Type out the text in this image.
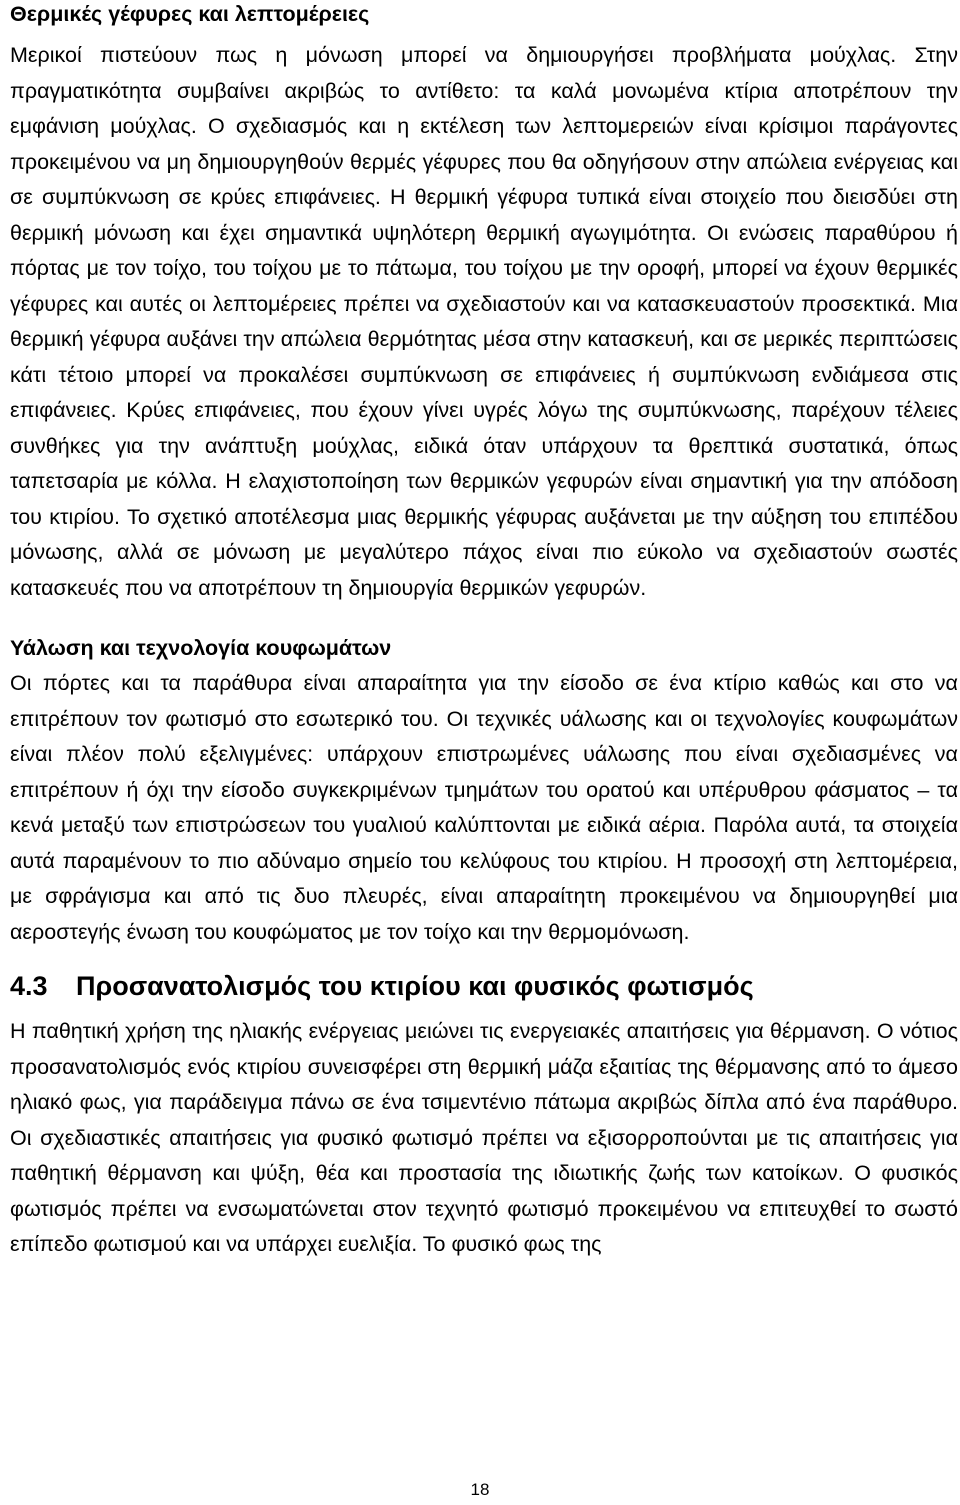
Θερμικές γέφυρες και λεπτομέρειες

Μερικοί πιστεύουν πως η μόνωση μπορεί να δημιουργήσει προβλήματα μούχλας. Στην πραγματικότητα συμβαίνει ακριβώς το αντίθετο: τα καλά μονωμένα κτίρια αποτρέπουν την εμφάνιση μούχλας. Ο σχεδιασμός και η εκτέλεση των λεπτομερειών είναι κρίσιμοι παράγοντες προκειμένου να μη δημιουργηθούν θερμές γέφυρες που θα οδηγήσουν στην απώλεια ενέργειας και σε συμπύκνωση σε κρύες επιφάνειες. Η θερμική γέφυρα τυπικά είναι στοιχείο που διεισδύει στη θερμική μόνωση και έχει σημαντικά υψηλότερη θερμική αγωγιμότητα. Οι ενώσεις παραθύρου ή πόρτας με τον τοίχο, του τοίχου με το πάτωμα, του τοίχου με την οροφή, μπορεί να έχουν θερμικές γέφυρες και αυτές οι λεπτομέρειες πρέπει να σχεδιαστούν και να κατασκευαστούν προσεκτικά. Μια θερμική γέφυρα αυξάνει την απώλεια θερμότητας μέσα στην κατασκευή, και σε μερικές περιπτώσεις κάτι τέτοιο μπορεί να προκαλέσει συμπύκνωση σε επιφάνειες ή συμπύκνωση ενδιάμεσα στις επιφάνειες. Κρύες επιφάνειες, που έχουν γίνει υγρές λόγω της συμπύκνωσης, παρέχουν τέλειες συνθήκες για την ανάπτυξη μούχλας, ειδικά όταν υπάρχουν τα θρεπτικά συστατικά, όπως ταπετσαρία με κόλλα. Η ελαχιστοποίηση των θερμικών γεφυρών είναι σημαντική για την απόδοση του κτιρίου. Το σχετικό αποτέλεσμα μιας θερμικής γέφυρας αυξάνεται με την αύξηση του επιπέδου μόνωσης, αλλά σε μόνωση με μεγαλύτερο πάχος είναι πιο εύκολο να σχεδιαστούν σωστές κατασκευές που να αποτρέπουν τη δημιουργία θερμικών γεφυρών.

Υάλωση και τεχνολογία κουφωμάτων

Οι πόρτες και τα παράθυρα είναι απαραίτητα για την είσοδο σε ένα κτίριο καθώς και στο να επιτρέπουν τον φωτισμό στο εσωτερικό του. Οι τεχνικές υάλωσης και οι τεχνολογίες κουφωμάτων είναι πλέον πολύ εξελιγμένες: υπάρχουν επιστρωμένες υάλωσης που είναι σχεδιασμένες να επιτρέπουν ή όχι την είσοδο συγκεκριμένων τμημάτων του ορατού και υπέρυθρου φάσματος – τα κενά μεταξύ των επιστρώσεων του γυαλιού καλύπτονται με ειδικά αέρια. Παρόλα αυτά, τα στοιχεία αυτά παραμένουν το πιο αδύναμο σημείο του κελύφους του κτιρίου. Η προσοχή στη λεπτομέρεια, με σφράγισμα και από τις δυο πλευρές, είναι απαραίτητη προκειμένου να δημιουργηθεί μια αεροστεγής ένωση του κουφώματος με τον τοίχο και την θερμομόνωση.

4.3	Προσανατολισμός του κτιρίου και φυσικός φωτισμός

Η παθητική χρήση της ηλιακής ενέργειας μειώνει τις ενεργειακές απαιτήσεις για θέρμανση. Ο νότιος προσανατολισμός ενός κτιρίου συνεισφέρει στη θερμική μάζα εξαιτίας της θέρμανσης από το άμεσο ηλιακό φως, για παράδειγμα πάνω σε ένα τσιμεντένιο πάτωμα ακριβώς δίπλα από ένα παράθυρο. Οι σχεδιαστικές απαιτήσεις για φυσικό φωτισμό πρέπει να εξισορροπούνται με τις απαιτήσεις για παθητική θέρμανση και ψύξη, θέα και προστασία της ιδιωτικής ζωής των κατοίκων. Ο φυσικός φωτισμός πρέπει να ενσωματώνεται στον τεχνητό φωτισμό προκειμένου να επιτευχθεί το σωστό επίπεδο φωτισμού και να υπάρχει ευελιξία. Το φυσικό φως της

18
